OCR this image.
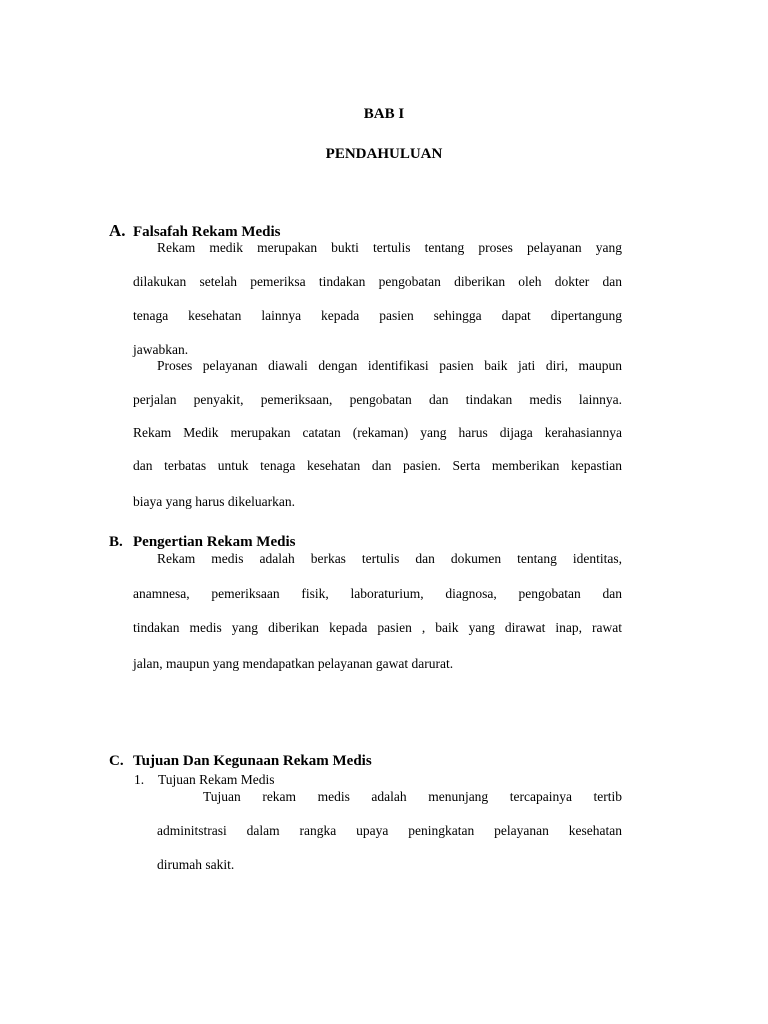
BAB I
PENDAHULUAN
A. Falsafah Rekam Medis
Rekam medik merupakan bukti tertulis tentang proses pelayanan yang
dilakukan setelah pemeriksa tindakan pengobatan diberikan oleh dokter dan
tenaga kesehatan lainnya kepada pasien sehingga dapat dipertangung
jawabkan.
Proses pelayanan diawali dengan identifikasi pasien baik jati diri, maupun
perjalan penyakit, pemeriksaan, pengobatan dan tindakan medis lainnya.
Rekam Medik merupakan catatan (rekaman) yang harus dijaga kerahasiannya
dan terbatas untuk tenaga kesehatan dan pasien. Serta memberikan kepastian
biaya yang harus dikeluarkan.
B. Pengertian Rekam Medis
Rekam medis adalah berkas tertulis dan dokumen tentang identitas,
anamnesa, pemeriksaan fisik, laboraturium, diagnosa, pengobatan dan
tindakan medis yang diberikan kepada pasien , baik yang dirawat inap, rawat
jalan, maupun yang mendapatkan pelayanan gawat darurat.
C. Tujuan Dan Kegunaan Rekam Medis
1. Tujuan Rekam Medis
Tujuan rekam medis adalah menunjang tercapainya tertib
adminitstrasi dalam rangka upaya peningkatan pelayanan kesehatan
dirumah sakit.
